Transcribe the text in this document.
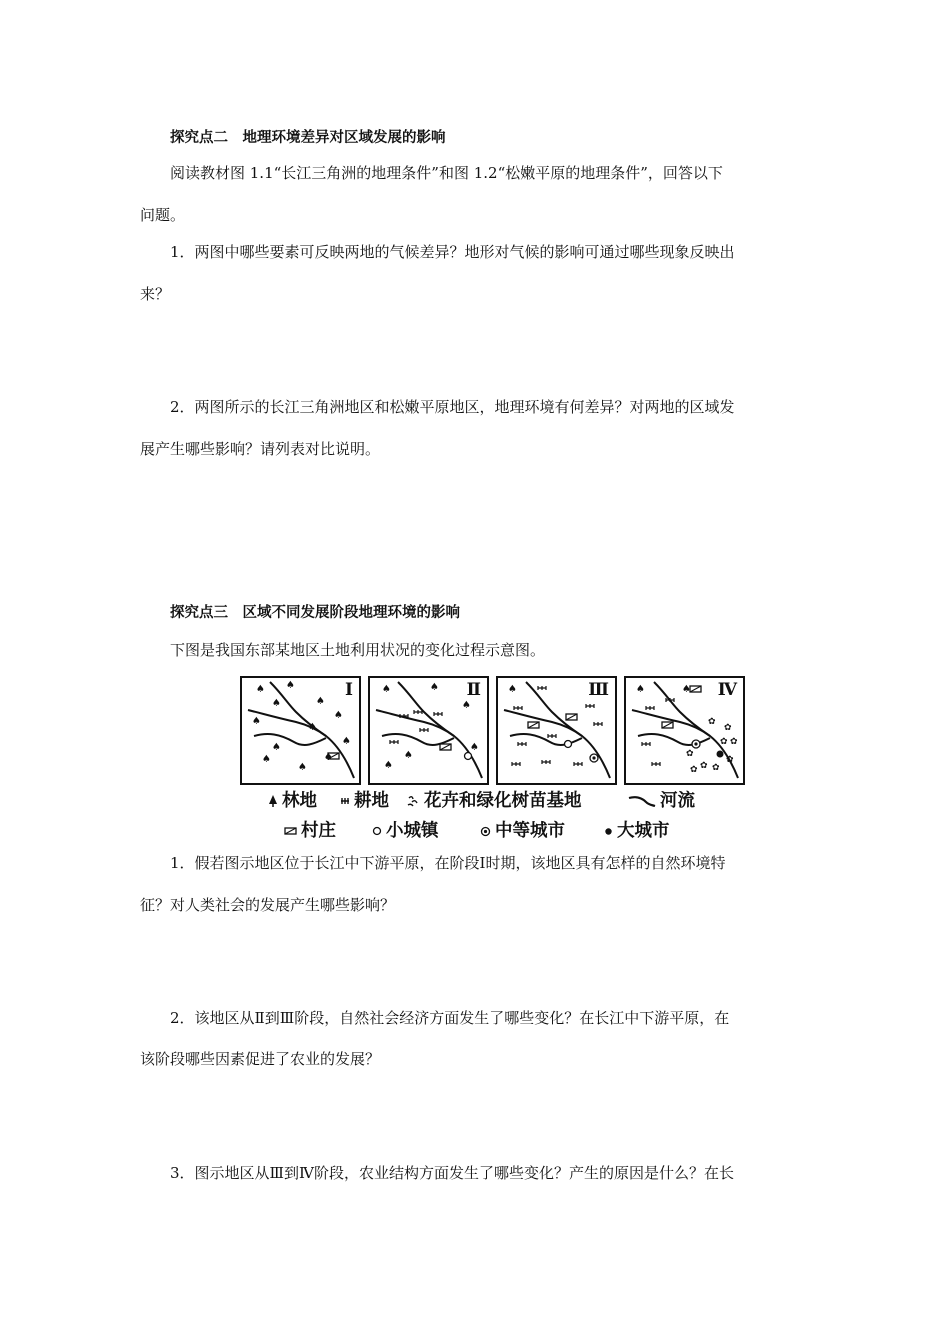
探究点二　地理环境差异对区域发展的影响
阅读教材图 1.1“长江三角洲的地理条件”和图 1.2“松嫩平原的地理条件”，回答以下
问题。
1．两图中哪些要素可反映两地的气候差异？地形对气候的影响可通过哪些现象反映出
来？
2．两图所示的长江三角洲地区和松嫩平原地区，地理环境有何差异？对两地的区域发
展产生哪些影响？请列表对比说明。
探究点三　区域不同发展阶段地理环境的影响
下图是我国东部某地区土地利用状况的变化过程示意图。
♠
♠	♠
♠
♠
♠
♠
♠
♠
♠
♠
♠
Ⅰ	♠	♠
♠
♠
♠
♠
Ⅱ	♠	Ⅲ	♠	♠
✿
✿
✿
✿
✿ ✿
✿
✿
✿
Ⅳ
林地 耕地 花卉和绿化树苗基地	河流
村庄	小城镇	中等城市	大城市
1．假若图示地区位于长江中下游平原，在阶段Ⅰ时期，该地区具有怎样的自然环境特
征？对人类社会的发展产生哪些影响？
2．该地区从Ⅱ到Ⅲ阶段，自然社会经济方面发生了哪些变化？在长江中下游平原，在
该阶段哪些因素促进了农业的发展？
3．图示地区从Ⅲ到Ⅳ阶段，农业结构方面发生了哪些变化？产生的原因是什么？在长
